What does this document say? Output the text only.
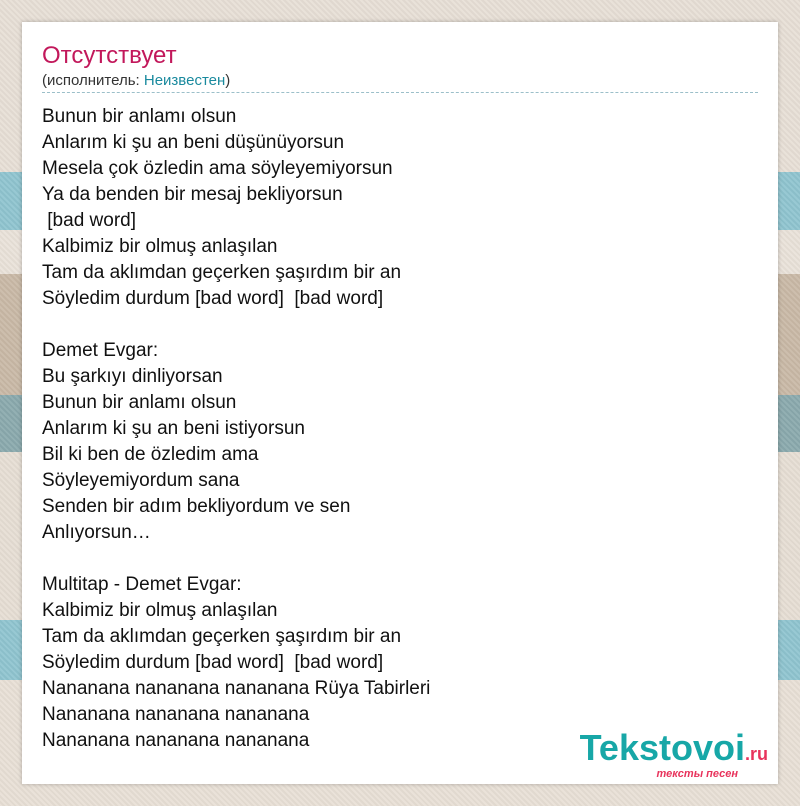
Отсутствует
(исполнитель: Неизвестен)
Bunun bir anlamı olsun
Anlarım ki şu an beni düşünüyorsun
Mesela çok özledin ama söyleyemiyorsun
Ya da benden bir mesaj bekliyorsun
[bad word]
Kalbimiz bir olmuş anlaşılan
Tam da aklımdan geçerken şaşırdım bir an
Söyledim durdum [bad word]  [bad word]
Demet Evgar:
Bu şarkıyı dinliyorsan
Bunun bir anlamı olsun
Anlarım ki şu an beni istiyorsun
Bil ki ben de özledim ama
Söyleyemiyordum sana
Senden bir adım bekliyordum ve sen
Anlıyorsun…
Multitap - Demet Evgar:
Kalbimiz bir olmuş anlaşılan
Tam da aklımdan geçerken şaşırdım bir an
Söyledim durdum [bad word]  [bad word]
Nananana nananana nananana Rüya Tabirleri
Nananana nananana nananana
Nananana nananana nananana	Tekstovoi.ru
тексты песен
